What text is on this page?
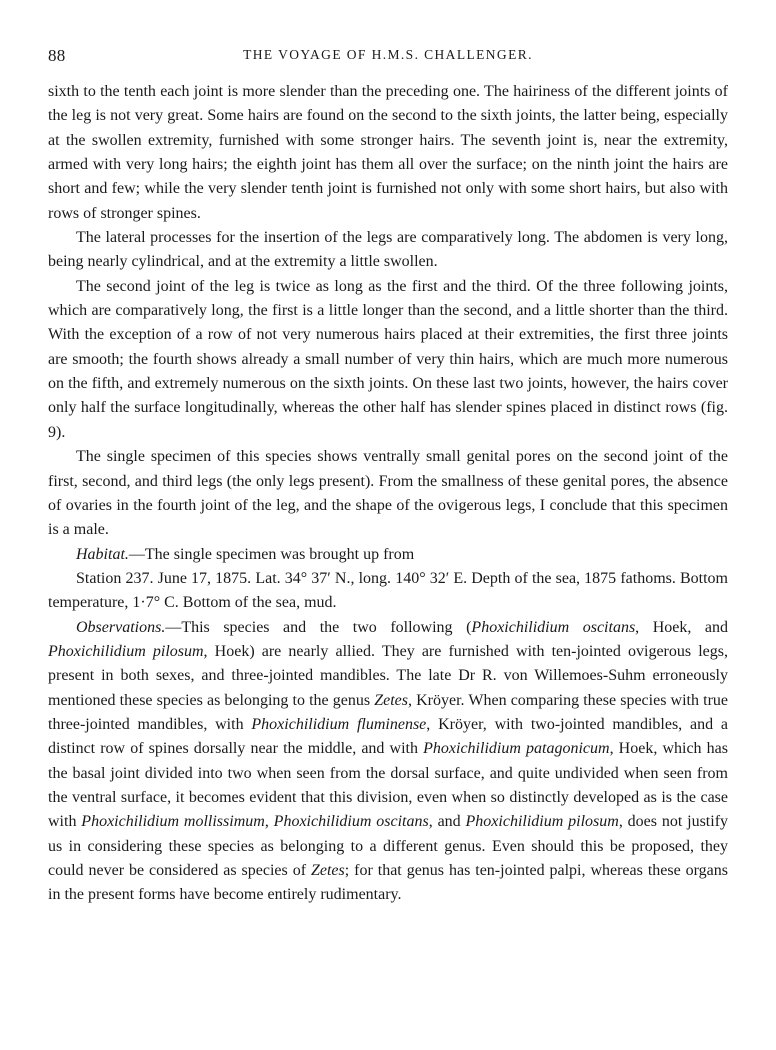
88	THE VOYAGE OF H.M.S. CHALLENGER.

sixth to the tenth each joint is more slender than the preceding one. The hairiness of the different joints of the leg is not very great. Some hairs are found on the second to the sixth joints, the latter being, especially at the swollen extremity, furnished with some stronger hairs. The seventh joint is, near the extremity, armed with very long hairs; the eighth joint has them all over the surface; on the ninth joint the hairs are short and few; while the very slender tenth joint is furnished not only with some short hairs, but also with rows of stronger spines.

The lateral processes for the insertion of the legs are comparatively long. The abdomen is very long, being nearly cylindrical, and at the extremity a little swollen.

The second joint of the leg is twice as long as the first and the third. Of the three following joints, which are comparatively long, the first is a little longer than the second, and a little shorter than the third. With the exception of a row of not very numerous hairs placed at their extremities, the first three joints are smooth; the fourth shows already a small number of very thin hairs, which are much more numerous on the fifth, and extremely numerous on the sixth joints. On these last two joints, however, the hairs cover only half the surface longitudinally, whereas the other half has slender spines placed in distinct rows (fig. 9).

The single specimen of this species shows ventrally small genital pores on the second joint of the first, second, and third legs (the only legs present). From the smallness of these genital pores, the absence of ovaries in the fourth joint of the leg, and the shape of the ovigerous legs, I conclude that this specimen is a male.

Habitat.—The single specimen was brought up from

Station 237. June 17, 1875. Lat. 34° 37′ N., long. 140° 32′ E. Depth of the sea, 1875 fathoms. Bottom temperature, 1·7° C. Bottom of the sea, mud.

Observations.—This species and the two following (Phoxichilidium oscitans, Hoek, and Phoxichilidium pilosum, Hoek) are nearly allied. They are furnished with ten-jointed ovigerous legs, present in both sexes, and three-jointed mandibles. The late Dr R. von Willemoes-Suhm erroneously mentioned these species as belonging to the genus Zetes, Kröyer. When comparing these species with true three-jointed mandibles, with Phoxichilidium fluminense, Kröyer, with two-jointed mandibles, and a distinct row of spines dorsally near the middle, and with Phoxichilidium patagonicum, Hoek, which has the basal joint divided into two when seen from the dorsal surface, and quite undivided when seen from the ventral surface, it becomes evident that this division, even when so distinctly developed as is the case with Phoxichilidium mollissimum, Phoxichilidium oscitans, and Phoxichilidium pilosum, does not justify us in considering these species as belonging to a different genus. Even should this be proposed, they could never be considered as species of Zetes; for that genus has ten-jointed palpi, whereas these organs in the present forms have become entirely rudimentary.
